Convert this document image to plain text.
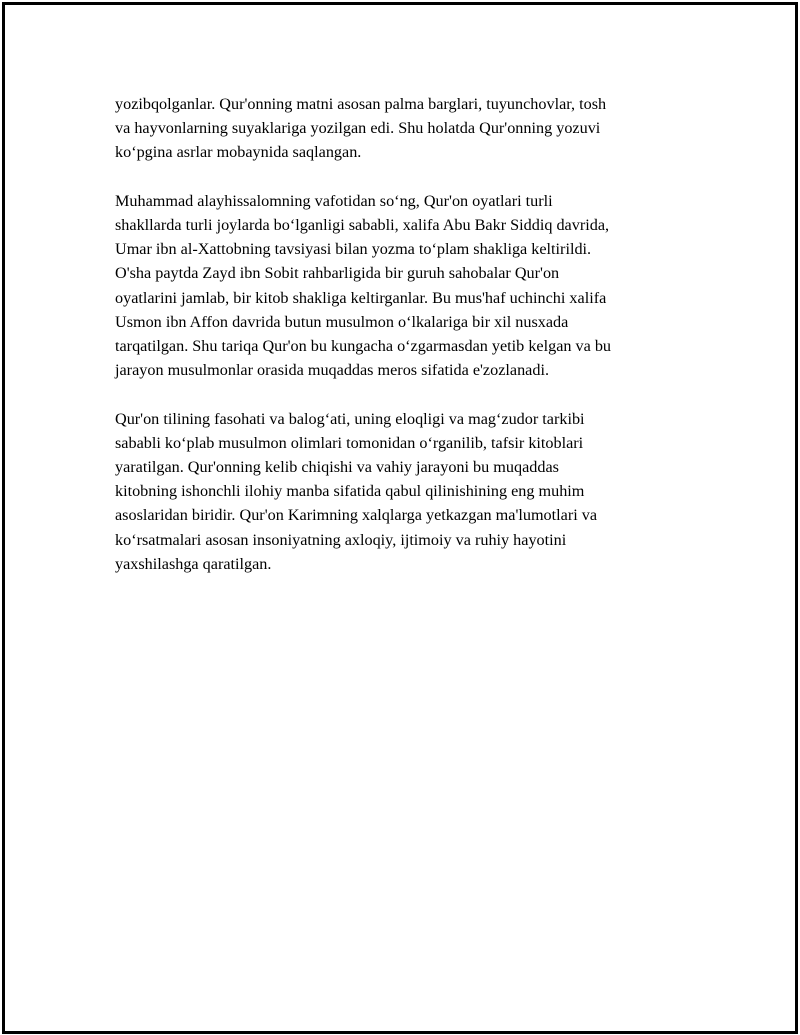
yozibqolganlar. Qur'onning matni asosan palma barglari, tuyunchovlar, tosh
va hayvonlarning suyaklariga yozilgan edi. Shu holatda Qur'onning yozuvi
ko‘pgina asrlar mobaynida saqlangan.

Muhammad alayhissalomning vafotidan so‘ng, Qur'on oyatlari turli
shakllarda turli joylarda bo‘lganligi sababli, xalifa Abu Bakr Siddiq davrida,
Umar ibn al-Xattobning tavsiyasi bilan yozma to‘plam shakliga keltirildi.
O'sha paytda Zayd ibn Sobit rahbarligida bir guruh sahobalar Qur'on
oyatlarini jamlab, bir kitob shakliga keltirganlar. Bu mus'haf uchinchi xalifa
Usmon ibn Affon davrida butun musulmon o‘lkalariga bir xil nusxada
tarqatilgan. Shu tariqa Qur'on bu kungacha o‘zgarmasdan yetib kelgan va bu
jarayon musulmonlar orasida muqaddas meros sifatida e'zozlanadi.

Qur'on tilining fasohati va balog‘ati, uning eloqligi va mag‘zudor tarkibi
sababli ko‘plab musulmon olimlari tomonidan o‘rganilib, tafsir kitoblari
yaratilgan. Qur'onning kelib chiqishi va vahiy jarayoni bu muqaddas
kitobning ishonchli ilohiy manba sifatida qabul qilinishining eng muhim
asoslaridan biridir. Qur'on Karimning xalqlarga yetkazgan ma'lumotlari va
ko‘rsatmalari asosan insoniyatning axloqiy, ijtimoiy va ruhiy hayotini
yaxshilashga qaratilgan.
